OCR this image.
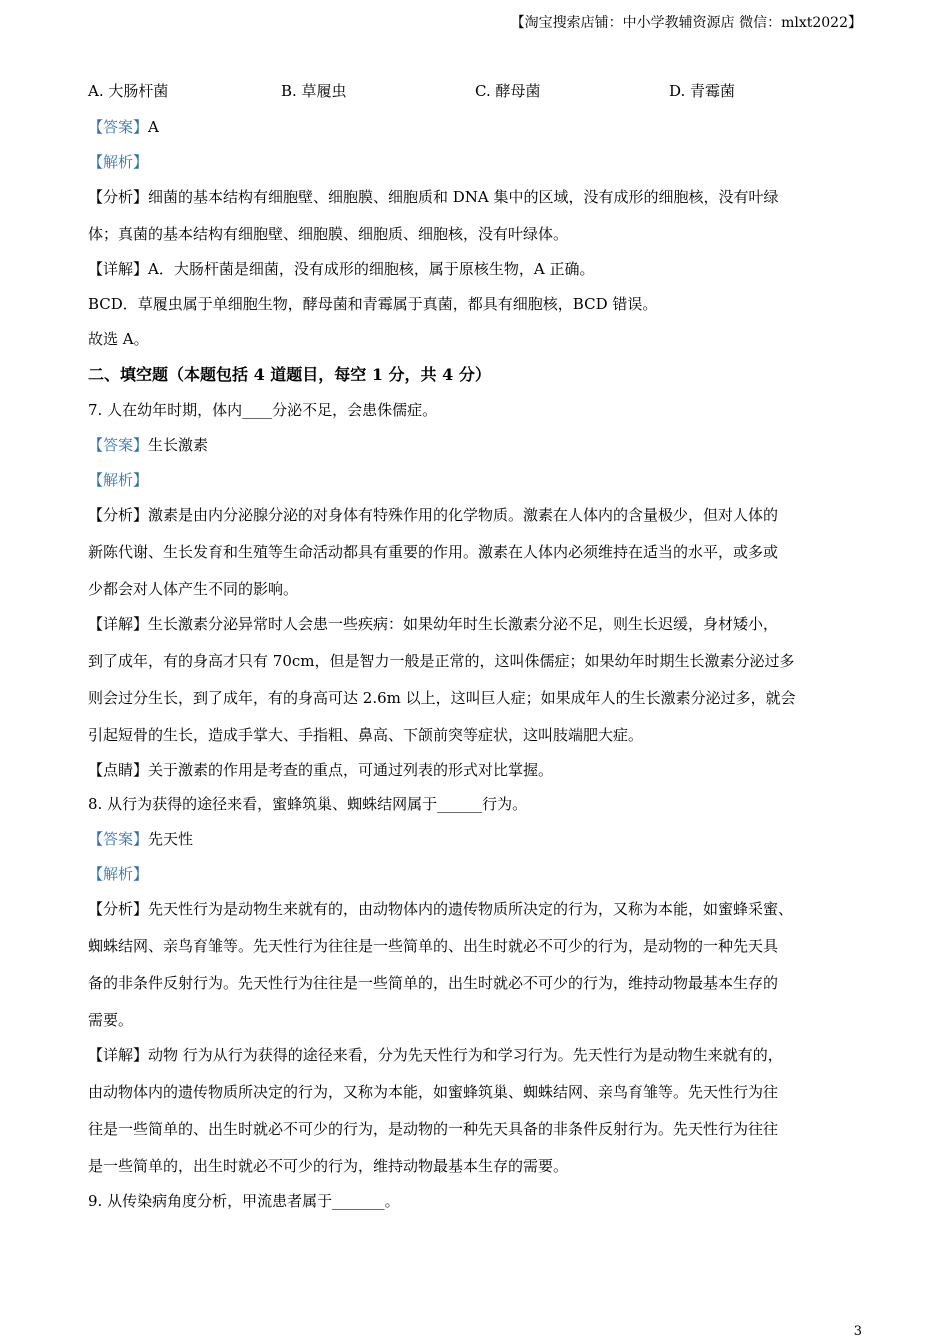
【淘宝搜索店铺：中小学教辅资源店 微信：mlxt2022】
A. 大肠杆菌	B. 草履虫	C. 酵母菌	D. 青霉菌
【答案】A
【解析】
【分析】细菌的基本结构有细胞壁、细胞膜、细胞质和 DNA 集中的区域，没有成形的细胞核，没有叶绿
体；真菌的基本结构有细胞壁、细胞膜、细胞质、细胞核，没有叶绿体。
【详解】A．大肠杆菌是细菌，没有成形的细胞核，属于原核生物，A 正确。
BCD．草履虫属于单细胞生物，酵母菌和青霉属于真菌，都具有细胞核，BCD 错误。
故选 A。
二、填空题（本题包括 4 道题目，每空 1 分，共 4 分）
7. 人在幼年时期，体内____分泌不足，会患侏儒症。
【答案】生长激素
【解析】
【分析】激素是由内分泌腺分泌的对身体有特殊作用的化学物质。激素在人体内的含量极少，但对人体的
新陈代谢、生长发育和生殖等生命活动都具有重要的作用。激素在人体内必须维持在适当的水平，或多或
少都会对人体产生不同的影响。
【详解】生长激素分泌异常时人会患一些疾病：如果幼年时生长激素分泌不足，则生长迟缓，身材矮小，
到了成年，有的身高才只有 70cm，但是智力一般是正常的，这叫侏儒症；如果幼年时期生长激素分泌过多
则会过分生长，到了成年，有的身高可达 2.6m 以上，这叫巨人症；如果成年人的生长激素分泌过多，就会
引起短骨的生长，造成手掌大、手指粗、鼻高、下颌前突等症状，这叫肢端肥大症。
【点睛】关于激素的作用是考查的重点，可通过列表的形式对比掌握。
8. 从行为获得的途径来看，蜜蜂筑巢、蜘蛛结网属于______行为。
【答案】先天性
【解析】
【分析】先天性行为是动物生来就有的，由动物体内的遗传物质所决定的行为，又称为本能，如蜜蜂采蜜、
蜘蛛结网、亲鸟育雏等。先天性行为往往是一些简单的、出生时就必不可少的行为，是动物的一种先天具
备的非条件反射行为。先天性行为往往是一些简单的，出生时就必不可少的行为，维持动物最基本生存的
需要。
【详解】动物 行为从行为获得的途径来看，分为先天性行为和学习行为。先天性行为是动物生来就有的，
由动物体内的遗传物质所决定的行为，又称为本能，如蜜蜂筑巢、蜘蛛结网、亲鸟育雏等。先天性行为往
往是一些简单的、出生时就必不可少的行为，是动物的一种先天具备的非条件反射行为。先天性行为往往
是一些简单的，出生时就必不可少的行为，维持动物最基本生存的需要。
9. 从传染病角度分析，甲流患者属于_______。
3
